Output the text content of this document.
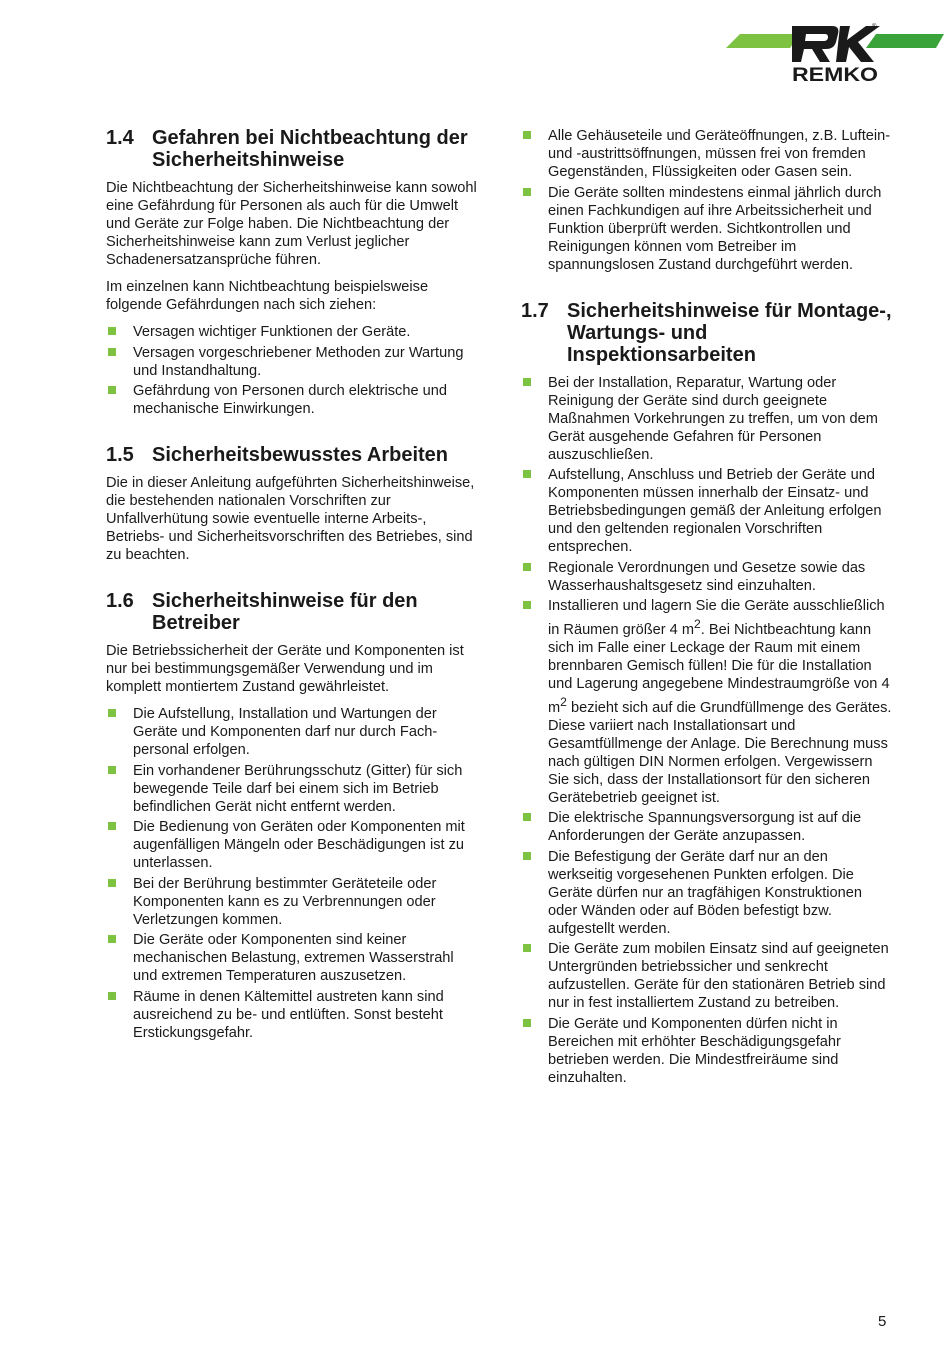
®
REMKO
1.4 Gefahren bei Nichtbeachtung der Sicherheitshinweise

Die Nichtbeachtung der Sicherheitshinweise kann sowohl eine Gefährdung für Personen als auch für die Umwelt und Geräte zur Folge haben. Die Nichtbeachtung der Sicherheitshinweise kann zum Verlust jeglicher Schadenersatzansprüche führen.

Im einzelnen kann Nichtbeachtung beispielsweise folgende Gefährdungen nach sich ziehen:

Versagen wichtiger Funktionen der Geräte.
Versagen vorgeschriebener Methoden zur Wartung und Instandhaltung.
Gefährdung von Personen durch elektrische und mechanische Einwirkungen.
1.5 Sicherheitsbewusstes Arbeiten

Die in dieser Anleitung aufgeführten Sicherheitshinweise, die bestehenden nationalen Vorschriften zur Unfallverhütung sowie eventuelle interne Arbeits-, Betriebs- und Sicherheitsvorschriften des Betriebes, sind zu beachten.

1.6 Sicherheitshinweise für den Betreiber

Die Betriebssicherheit der Geräte und Komponenten ist nur bei bestimmungsgemäßer Verwendung und im komplett montiertem Zustand gewährleistet.

Die Aufstellung, Installation und Wartungen der Geräte und Komponenten darf nur durch Fachpersonal erfolgen.
Ein vorhandener Berührungsschutz (Gitter) für sich bewegende Teile darf bei einem sich im Betrieb befindlichen Gerät nicht entfernt werden.
Die Bedienung von Geräten oder Komponenten mit augenfälligen Mängeln oder Beschädigungen ist zu unterlassen.
Bei der Berührung bestimmter Geräteteile oder Komponenten kann es zu Verbrennungen oder Verletzungen kommen.
Die Geräte oder Komponenten sind keiner mechanischen Belastung, extremen Wasserstrahl und extremen Temperaturen auszusetzen.
Räume in denen Kältemittel austreten kann sind ausreichend zu be- und entlüften. Sonst besteht Erstickungsgefahr.
Alle Gehäuseteile und Geräteöffnungen, z.B. Luftein- und -austrittsöffnungen, müssen frei von fremden Gegenständen, Flüssigkeiten oder Gasen sein.
Die Geräte sollten mindestens einmal jährlich durch einen Fachkundigen auf ihre Arbeitssicherheit und Funktion überprüft werden. Sichtkontrollen und Reinigungen können vom Betreiber im spannungslosen Zustand durchgeführt werden.
1.7 Sicherheitshinweise für Montage-, Wartungs- und Inspektionsarbeiten
Bei der Installation, Reparatur, Wartung oder Reinigung der Geräte sind durch geeignete Maßnahmen Vorkehrungen zu treffen, um von dem Gerät ausgehende Gefahren für Personen auszuschließen.
Aufstellung, Anschluss und Betrieb der Geräte und Komponenten müssen innerhalb der Einsatz- und Betriebsbedingungen gemäß der Anleitung erfolgen und den geltenden regionalen Vorschriften entsprechen.
Regionale Verordnungen und Gesetze sowie das Wasserhaushaltsgesetz sind einzuhalten.
Installieren und lagern Sie die Geräte ausschließlich in Räumen größer 4 $m^2$. Bei Nichtbeachtung kann sich im Falle einer Leckage der Raum mit einem brennbaren Gemisch füllen! Die für die Installation und Lagerung angegebene Mindestraumgröße von 4 $m^2$ bezieht sich auf die Grundfüllmenge des Gerätes. Diese variiert nach Installationsart und Gesamtfüllmenge der Anlage. Die Berechnung muss nach gültigen DIN Normen erfolgen. Vergewissern Sie sich, dass der Installationsort für den sicheren Gerätebetrieb geeignet ist.
Die elektrische Spannungsversorgung ist auf die Anforderungen der Geräte anzupassen.
Die Befestigung der Geräte darf nur an den werkseitig vorgesehenen Punkten erfolgen. Die Geräte dürfen nur an tragfähigen Konstruktionen oder Wänden oder auf Böden befestigt bzw. aufgestellt werden.
Die Geräte zum mobilen Einsatz sind auf geeigneten Untergründen betriebssicher und senkrecht aufzustellen. Geräte für den stationären Betrieb sind nur in fest installiertem Zustand zu betreiben.
Die Geräte und Komponenten dürfen nicht in Bereichen mit erhöhter Beschädigungsgefahr betrieben werden. Die Mindestfreiräume sind einzuhalten.
5
